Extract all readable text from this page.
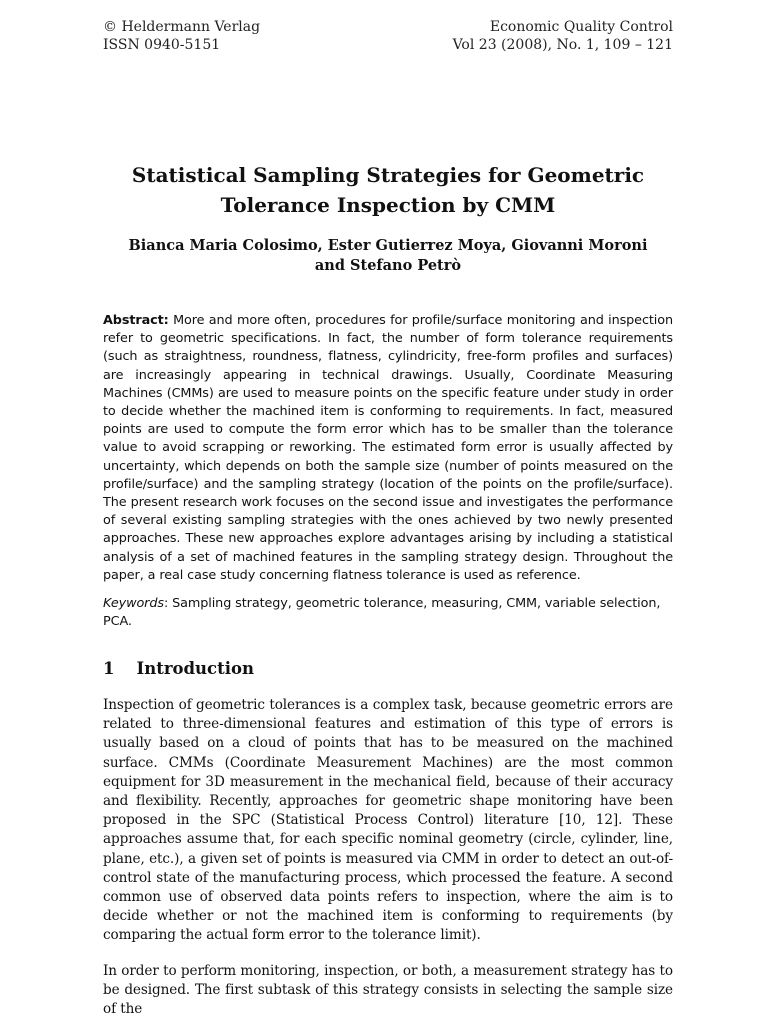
© Heldermann Verlag
ISSN 0940-5151
Economic Quality Control
Vol 23 (2008), No. 1, 109 – 121
Statistical Sampling Strategies for Geometric
Tolerance Inspection by CMM
Bianca Maria Colosimo, Ester Gutierrez Moya, Giovanni Moroni and Stefano Petrò
Abstract: More and more often, procedures for profile/surface monitoring and inspection refer to geometric specifications. In fact, the number of form tolerance requirements (such as straightness, roundness, flatness, cylindricity, free-form profiles and surfaces) are increasingly appearing in technical drawings. Usually, Coordinate Measuring Machines (CMMs) are used to measure points on the specific feature under study in order to decide whether the machined item is conforming to requirements. In fact, measured points are used to compute the form error which has to be smaller than the tolerance value to avoid scrapping or reworking. The estimated form error is usually affected by uncertainty, which depends on both the sample size (number of points measured on the profile/surface) and the sampling strategy (location of the points on the profile/surface). The present research work focuses on the second issue and investigates the performance of several existing sampling strategies with the ones achieved by two newly presented approaches. These new approaches explore advantages arising by including a statistical analysis of a set of machined features in the sampling strategy design. Throughout the paper, a real case study concerning flatness tolerance is used as reference.
Keywords: Sampling strategy, geometric tolerance, measuring, CMM, variable selection, PCA.
1 Introduction

Inspection of geometric tolerances is a complex task, because geometric errors are related to three-dimensional features and estimation of this type of errors is usually based on a cloud of points that has to be measured on the machined surface. CMMs (Coordinate Measurement Machines) are the most common equipment for 3D measurement in the mechanical field, because of their accuracy and flexibility. Recently, approaches for geometric shape monitoring have been proposed in the SPC (Statistical Process Control) literature [10, 12]. These approaches assume that, for each specific nominal geometry (circle, cylinder, line, plane, etc.), a given set of points is measured via CMM in order to detect an out-of-control state of the manufacturing process, which processed the feature. A second common use of observed data points refers to inspection, where the aim is to decide whether or not the machined item is conforming to requirements (by comparing the actual form error to the tolerance limit).

In order to perform monitoring, inspection, or both, a measurement strategy has to be designed. The first subtask of this strategy consists in selecting the sample size of the
